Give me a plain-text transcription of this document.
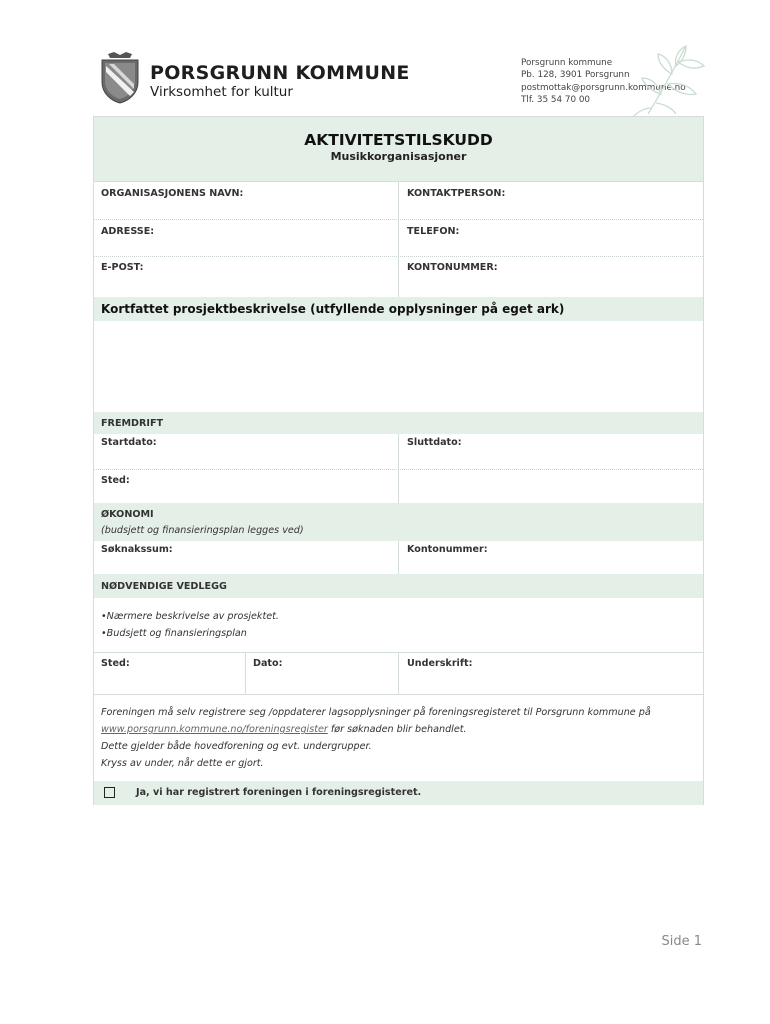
PORSGRUNN KOMMUNE
Virksomhet for kultur
Porsgrunn kommune
Pb. 128, 3901 Porsgrunn
postmottak@porsgrunn.kommune.no
Tlf. 35 54 70 00
AKTIVITETSTILSKUDD
Musikkorganisasjoner
ORGANISASJONENS NAVN:	KONTAKTPERSON:
ADRESSE:	TELEFON:
E-POST:	KONTONUMMER:
Kortfattet prosjektbeskrivelse (utfyllende opplysninger på eget ark)
FREMDRIFT
Startdato:	Sluttdato:
Sted:
ØKONOMI
(budsjett og finansieringsplan legges ved)
Søknakssum:	Kontonummer:
NØDVENDIGE VEDLEGG
•Nærmere beskrivelse av prosjektet.
•Budsjett og finansieringsplan
Sted:	Dato:	Underskrift:
Foreningen må selv registrere seg /oppdaterer lagsopplysninger på foreningsregisteret til Porsgrunn kommune på
www.porsgrunn.kommune.no/foreningsregister før søknaden blir behandlet.
Dette gjelder både hovedforening og evt. undergrupper.
Kryss av under, når dette er gjort.
Ja, vi har registrert foreningen i foreningsregisteret.
Side 1
